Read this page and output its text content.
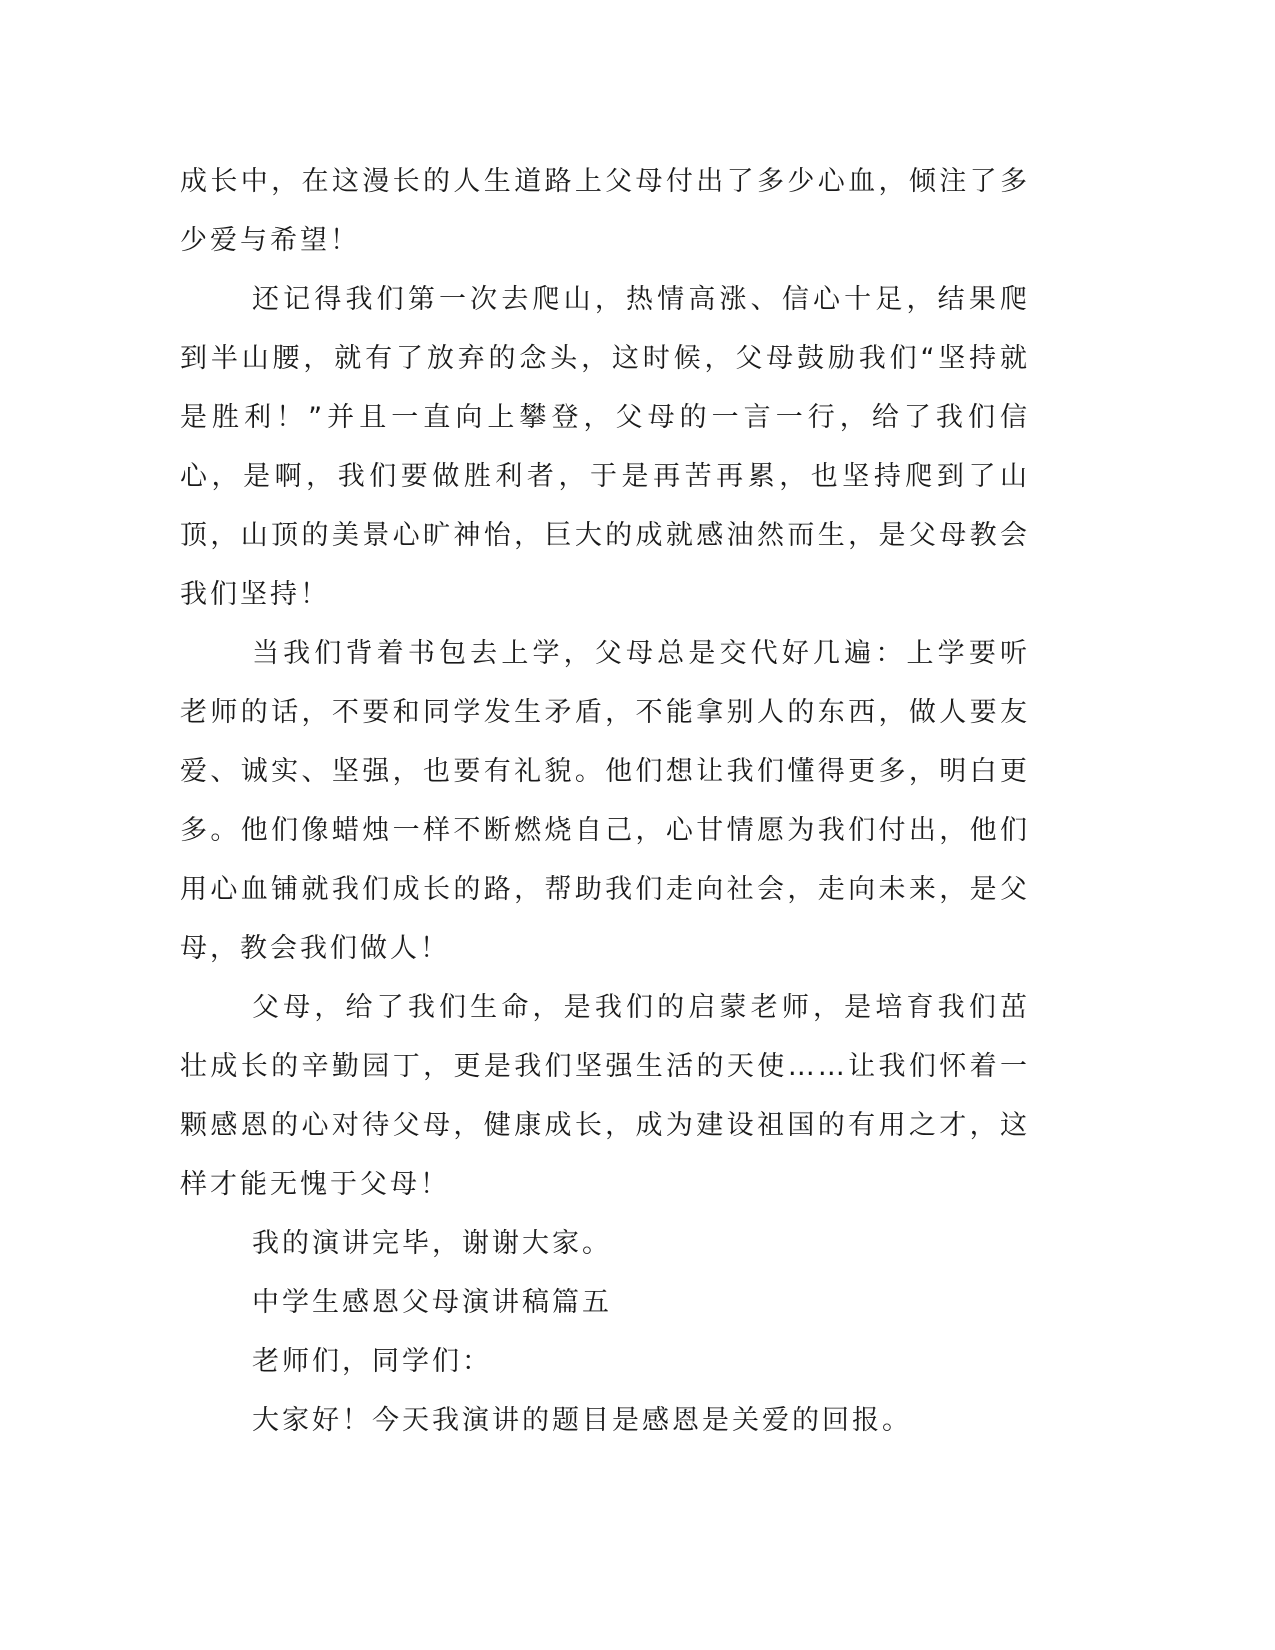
成长中，在这漫长的人生道路上父母付出了多少心血，倾注了多少爱与希望！

还记得我们第一次去爬山，热情高涨、信心十足，结果爬到半山腰，就有了放弃的念头，这时候，父母鼓励我们“坚持就是胜利！”并且一直向上攀登，父母的一言一行，给了我们信心，是啊，我们要做胜利者，于是再苦再累，也坚持爬到了山顶，山顶的美景心旷神怡，巨大的成就感油然而生，是父母教会我们坚持！

当我们背着书包去上学，父母总是交代好几遍：上学要听老师的话，不要和同学发生矛盾，不能拿别人的东西，做人要友爱、诚实、坚强，也要有礼貌。他们想让我们懂得更多，明白更多。他们像蜡烛一样不断燃烧自己，心甘情愿为我们付出，他们用心血铺就我们成长的路，帮助我们走向社会，走向未来，是父母，教会我们做人！

父母，给了我们生命，是我们的启蒙老师，是培育我们茁壮成长的辛勤园丁，更是我们坚强生活的天使……让我们怀着一颗感恩的心对待父母，健康成长，成为建设祖国的有用之才，这样才能无愧于父母！

我的演讲完毕，谢谢大家。

中学生感恩父母演讲稿篇五

老师们，同学们：

大家好！今天我演讲的题目是感恩是关爱的回报。
